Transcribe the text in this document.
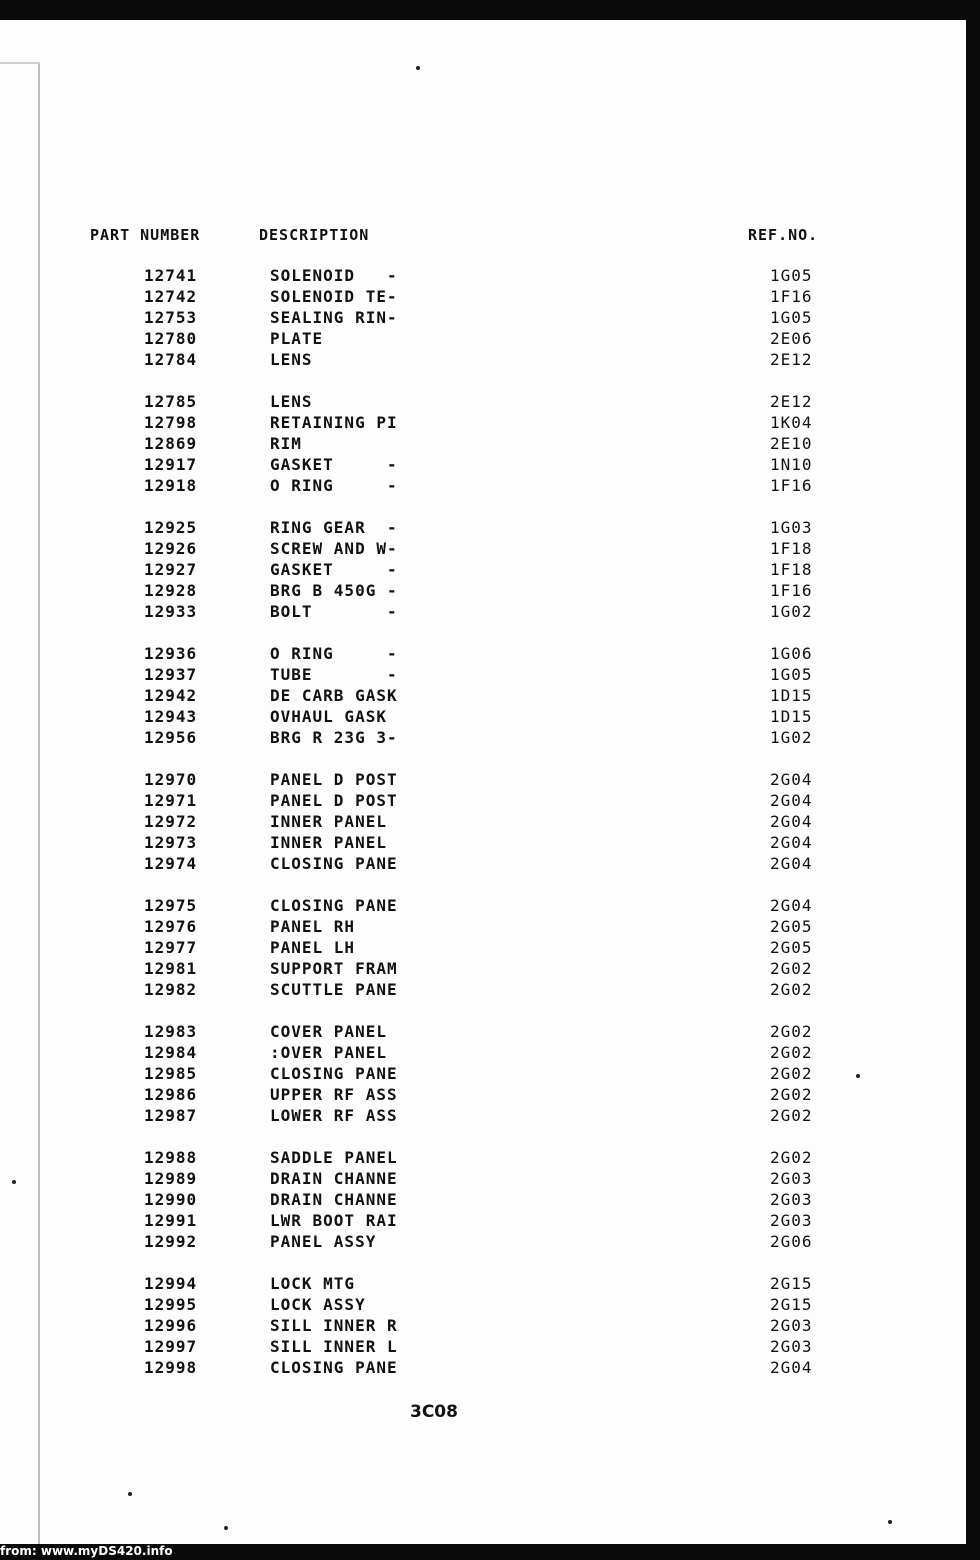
PART NUMBER	DESCRIPTION	REF.NO.
12741	SOLENOID   -	1G05
12742	SOLENOID TE-	1F16
12753	SEALING RIN-	1G05
12780	PLATE	2E06
12784	LENS	2E12
12785	LENS	2E12
12798	RETAINING PI	1K04
12869	RIM	2E10
12917	GASKET     -	1N10
12918	O RING     -	1F16
12925	RING GEAR  -	1G03
12926	SCREW AND W-	1F18
12927	GASKET     -	1F18
12928	BRG B 450G -	1F16
12933	BOLT       -	1G02
12936	O RING     -	1G06
12937	TUBE       -	1G05
12942	DE CARB GASK	1D15
12943	OVHAUL GASK	1D15
12956	BRG R 23G 3-	1G02
12970	PANEL D POST	2G04
12971	PANEL D POST	2G04
12972	INNER PANEL	2G04
12973	INNER PANEL	2G04
12974	CLOSING PANE	2G04
12975	CLOSING PANE	2G04
12976	PANEL RH	2G05
12977	PANEL LH	2G05
12981	SUPPORT FRAM	2G02
12982	SCUTTLE PANE	2G02
12983	COVER PANEL	2G02
12984	:OVER PANEL	2G02
12985	CLOSING PANE	2G02
12986	UPPER RF ASS	2G02
12987	LOWER RF ASS	2G02
12988	SADDLE PANEL	2G02
12989	DRAIN CHANNE	2G03
12990	DRAIN CHANNE	2G03
12991	LWR BOOT RAI	2G03
12992	PANEL ASSY	2G06
12994	LOCK MTG	2G15
12995	LOCK ASSY	2G15
12996	SILL INNER R	2G03
12997	SILL INNER L	2G03
12998	CLOSING PANE	2G04
3C08
from: www.myDS420.info
